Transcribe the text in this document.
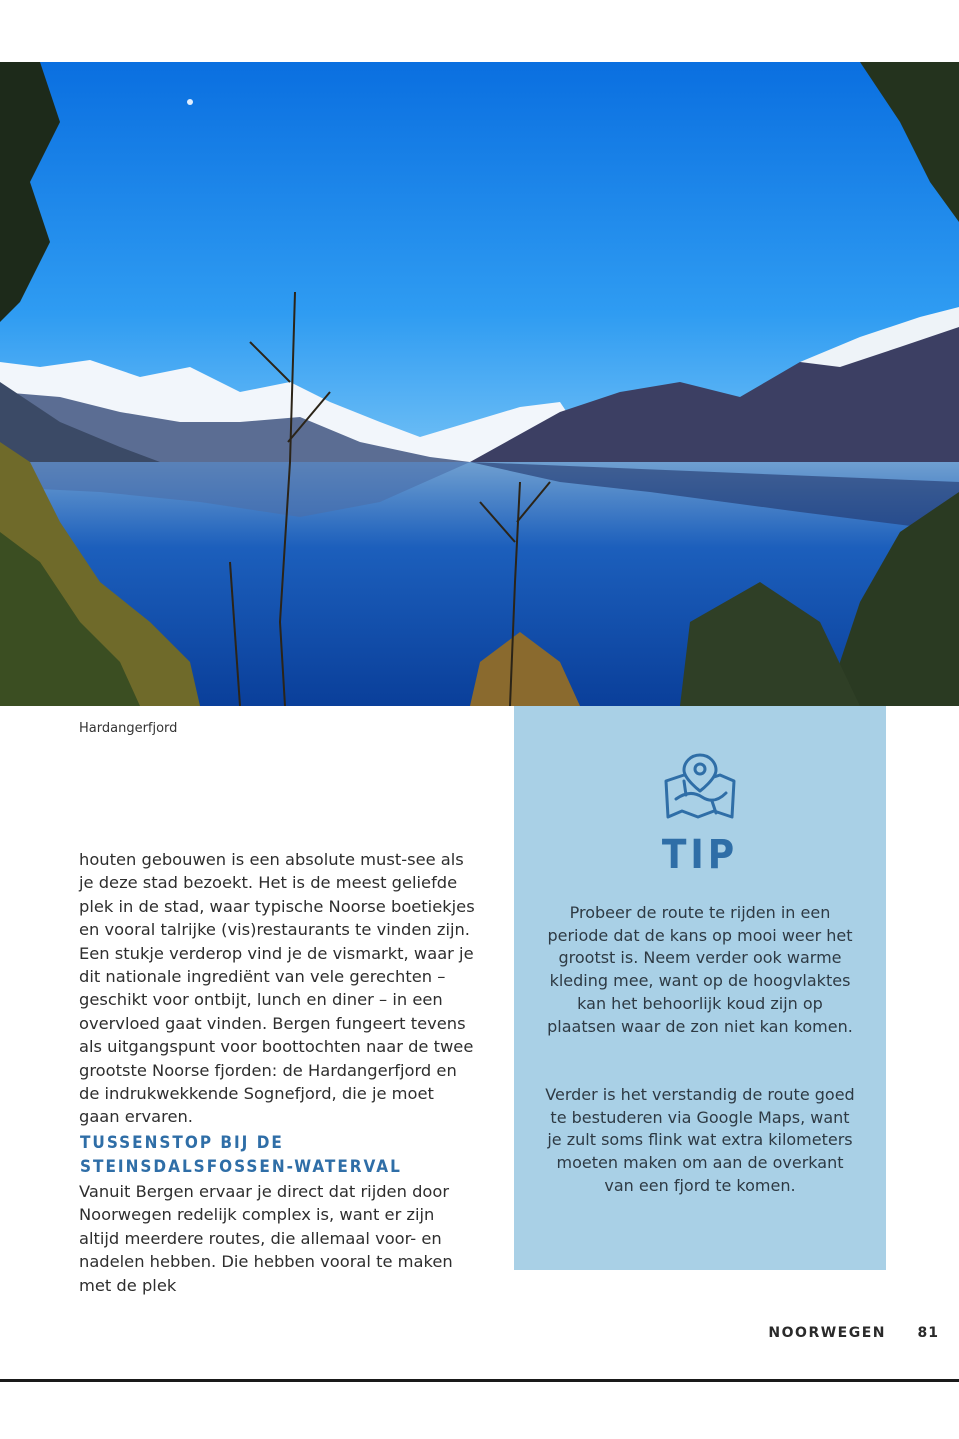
Hardangerfjord

houten gebouwen is een absolute must-see als je deze stad bezoekt. Het is de meest geliefde plek in de stad, waar typische Noorse boetiekjes en vooral talrijke (vis)restaurants te vinden zijn. Een stukje verderop vind je de vismarkt, waar je dit nationale ingrediënt van vele gerechten – geschikt voor ontbijt, lunch en diner – in een overvloed gaat vinden. Bergen fungeert tevens als uitgangspunt voor boottochten naar de twee grootste Noorse fjorden: de Hardangerfjord en de indrukwekkende Sognefjord, die je moet gaan ervaren.

TUSSENSTOP BIJ DE STEINSDALSFOSSEN-WATERVAL

Vanuit Bergen ervaar je direct dat rijden door Noorwegen redelijk complex is, want er zijn altijd meerdere routes, die allemaal voor- en nadelen hebben. Die hebben vooral te maken met de plek

TIP

Probeer de route te rijden in een periode dat de kans op mooi weer het grootst is. Neem verder ook warme kleding mee, want op de hoogvlaktes kan het behoorlijk koud zijn op plaatsen waar de zon niet kan komen.

Verder is het verstandig de route goed te bestuderen via Google Maps, want je zult soms flink wat extra kilometers moeten maken om aan de overkant van een fjord te komen.

NOORWEGEN 81
